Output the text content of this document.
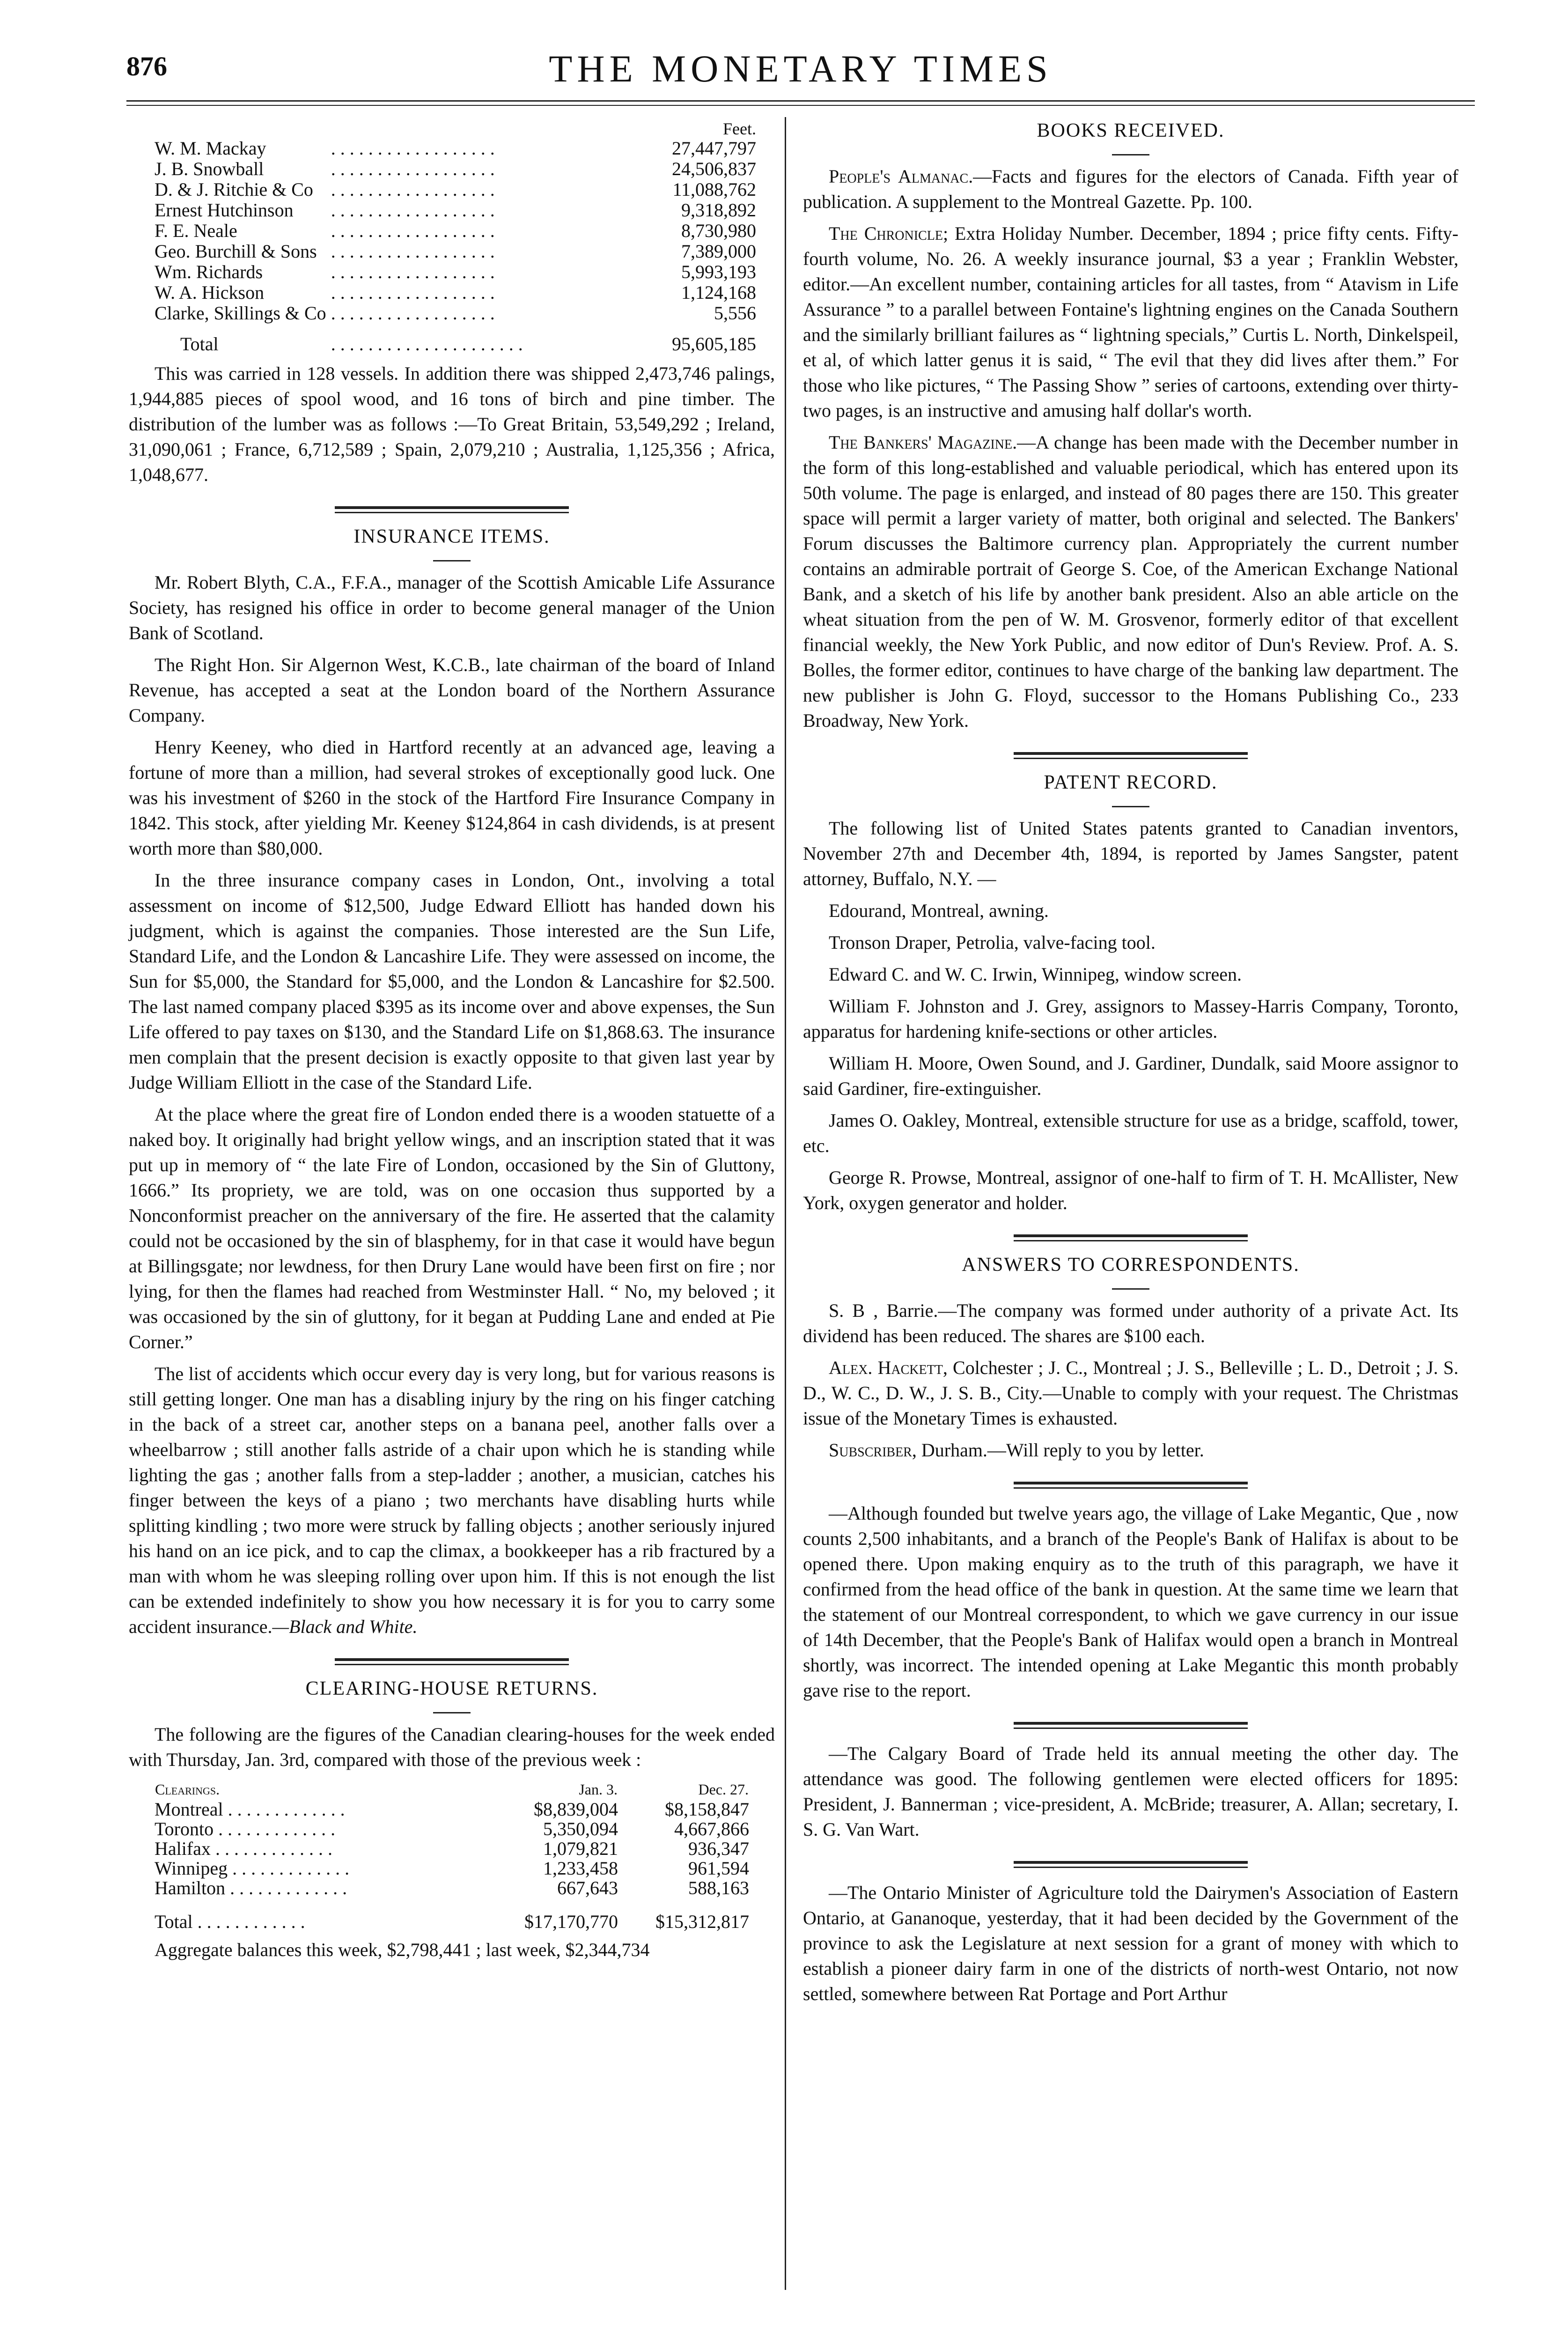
876	THE MONETARY TIMES
Feet.
W. M. Mackay	. . . . . . . . . . . . . . . . . .	27,447,797
J. B. Snowball	. . . . . . . . . . . . . . . . . .	24,506,837
D. & J. Ritchie & Co	. . . . . . . . . . . . . . . . . .	11,088,762
Ernest Hutchinson	. . . . . . . . . . . . . . . . . .	9,318,892
F. E. Neale	. . . . . . . . . . . . . . . . . .	8,730,980
Geo. Burchill & Sons	. . . . . . . . . . . . . . . . . .	7,389,000
Wm. Richards	. . . . . . . . . . . . . . . . . .	5,993,193
W. A. Hickson	. . . . . . . . . . . . . . . . . .	1,124,168
Clarke, Skillings & Co	. . . . . . . . . . . . . . . . . .	5,556
Total	. . . . . . . . . . . . . . . . . . . . .	95,605,185

This was carried in 128 vessels. In addition there was shipped 2,473,746 palings, 1,944,885 pieces of spool wood, and 16 tons of birch and pine timber. The distribution of the lumber was as follows :—To Great Britain, 53,549,292 ; Ireland, 31,090,061 ; France, 6,712,589 ; Spain, 2,079,210 ; Australia, 1,125,356 ; Africa, 1,048,677.

INSURANCE ITEMS.

Mr. Robert Blyth, C.A., F.F.A., manager of the Scottish Amicable Life Assurance Society, has resigned his office in order to become general manager of the Union Bank of Scotland.

The Right Hon. Sir Algernon West, K.C.B., late chairman of the board of Inland Revenue, has accepted a seat at the London board of the Northern Assurance Company.

Henry Keeney, who died in Hartford recently at an advanced age, leaving a fortune of more than a million, had several strokes of exceptionally good luck. One was his investment of $260 in the stock of the Hartford Fire Insurance Company in 1842. This stock, after yielding Mr. Keeney $124,864 in cash dividends, is at present worth more than $80,000.

In the three insurance company cases in London, Ont., involving a total assessment on income of $12,500, Judge Edward Elliott has handed down his judgment, which is against the companies. Those interested are the Sun Life, Standard Life, and the London & Lancashire Life. They were assessed on income, the Sun for $5,000, the Standard for $5,000, and the London & Lancashire for $2.500. The last named company placed $395 as its income over and above expenses, the Sun Life offered to pay taxes on $130, and the Standard Life on $1,868.63. The insurance men complain that the present decision is exactly opposite to that given last year by Judge William Elliott in the case of the Standard Life.

At the place where the great fire of London ended there is a wooden statuette of a naked boy. It originally had bright yellow wings, and an inscription stated that it was put up in memory of “ the late Fire of London, occasioned by the Sin of Gluttony, 1666.” Its propriety, we are told, was on one occasion thus supported by a Nonconformist preacher on the anniversary of the fire. He asserted that the calamity could not be occasioned by the sin of blasphemy, for in that case it would have begun at Billingsgate; nor lewdness, for then Drury Lane would have been first on fire ; nor lying, for then the flames had reached from Westminster Hall. “ No, my beloved ; it was occasioned by the sin of gluttony, for it began at Pudding Lane and ended at Pie Corner.”

The list of accidents which occur every day is very long, but for various reasons is still getting longer. One man has a disabling injury by the ring on his finger catching in the back of a street car, another steps on a banana peel, another falls over a wheelbarrow ; still another falls astride of a chair upon which he is standing while lighting the gas ; another falls from a step-ladder ; another, a musician, catches his finger between the keys of a piano ; two merchants have disabling hurts while splitting kindling ; two more were struck by falling objects ; another seriously injured his hand on an ice pick, and to cap the climax, a bookkeeper has a rib fractured by a man with whom he was sleeping rolling over upon him. If this is not enough the list can be extended indefinitely to show you how necessary it is for you to carry some accident insurance.—Black and White.

CLEARING-HOUSE RETURNS.

The following are the figures of the Canadian clearing-houses for the week ended with Thursday, Jan. 3rd, compared with those of the previous week :

Clearings.	Jan. 3.	Dec. 27.
Montreal . . . . . . . . . . . . .	$8,839,004	$8,158,847
Toronto . . . . . . . . . . . . .	5,350,094	4,667,866
Halifax . . . . . . . . . . . . .	1,079,821	936,347
Winnipeg . . . . . . . . . . . . .	1,233,458	961,594
Hamilton . . . . . . . . . . . . .	667,643	588,163
Total . . . . . . . . . . . .	$17,170,770	$15,312,817
Aggregate balances this week, $2,798,441 ; last week, $2,344,734
BOOKS RECEIVED.

People's Almanac.—Facts and figures for the electors of Canada. Fifth year of publication. A supplement to the Montreal Gazette. Pp. 100.

The Chronicle; Extra Holiday Number. December, 1894 ; price fifty cents. Fifty-fourth volume, No. 26. A weekly insurance journal, $3 a year ; Franklin Webster, editor.—An excellent number, containing articles for all tastes, from “ Atavism in Life Assurance ” to a parallel between Fontaine's lightning engines on the Canada Southern and the similarly brilliant failures as “ lightning specials,” Curtis L. North, Dinkelspeil, et al, of which latter genus it is said, “ The evil that they did lives after them.” For those who like pictures, “ The Passing Show ” series of cartoons, extending over thirty-two pages, is an instructive and amusing half dollar's worth.

The Bankers' Magazine.—A change has been made with the December number in the form of this long-established and valuable periodical, which has entered upon its 50th volume. The page is enlarged, and instead of 80 pages there are 150. This greater space will permit a larger variety of matter, both original and selected. The Bankers' Forum discusses the Baltimore currency plan. Appropriately the current number contains an admirable portrait of George S. Coe, of the American Exchange National Bank, and a sketch of his life by another bank president. Also an able article on the wheat situation from the pen of W. M. Grosvenor, formerly editor of that excellent financial weekly, the New York Public, and now editor of Dun's Review. Prof. A. S. Bolles, the former editor, continues to have charge of the banking law department. The new publisher is John G. Floyd, successor to the Homans Publishing Co., 233 Broadway, New York.

PATENT RECORD.

The following list of United States patents granted to Canadian inventors, November 27th and December 4th, 1894, is reported by James Sangster, patent attorney, Buffalo, N.Y. —

Edourand, Montreal, awning.

Tronson Draper, Petrolia, valve-facing tool.

Edward C. and W. C. Irwin, Winnipeg, window screen.

William F. Johnston and J. Grey, assignors to Massey-Harris Company, Toronto, apparatus for hardening knife-sections or other articles.

William H. Moore, Owen Sound, and J. Gardiner, Dundalk, said Moore assignor to said Gardiner, fire-extinguisher.

James O. Oakley, Montreal, extensible structure for use as a bridge, scaffold, tower, etc.

George R. Prowse, Montreal, assignor of one-half to firm of T. H. McAllister, New York, oxygen generator and holder.

ANSWERS TO CORRESPONDENTS.

S. B , Barrie.—The company was formed under authority of a private Act. Its dividend has been reduced. The shares are $100 each.

Alex. Hackett, Colchester ; J. C., Montreal ; J. S., Belleville ; L. D., Detroit ; J. S. D., W. C., D. W., J. S. B., City.—Unable to comply with your request. The Christmas issue of the Monetary Times is exhausted.

Subscriber, Durham.—Will reply to you by letter.

—Although founded but twelve years ago, the village of Lake Megantic, Que , now counts 2,500 inhabitants, and a branch of the People's Bank of Halifax is about to be opened there. Upon making enquiry as to the truth of this paragraph, we have it confirmed from the head office of the bank in question. At the same time we learn that the statement of our Montreal correspondent, to which we gave currency in our issue of 14th December, that the People's Bank of Halifax would open a branch in Montreal shortly, was incorrect. The intended opening at Lake Megantic this month probably gave rise to the report.

—The Calgary Board of Trade held its annual meeting the other day. The attendance was good. The following gentlemen were elected officers for 1895: President, J. Bannerman ; vice-president, A. McBride; treasurer, A. Allan; secretary, I. S. G. Van Wart.

—The Ontario Minister of Agriculture told the Dairymen's Association of Eastern Ontario, at Gananoque, yesterday, that it had been decided by the Government of the province to ask the Legislature at next session for a grant of money with which to establish a pioneer dairy farm in one of the districts of north-west Ontario, not now settled, somewhere between Rat Portage and Port Arthur
